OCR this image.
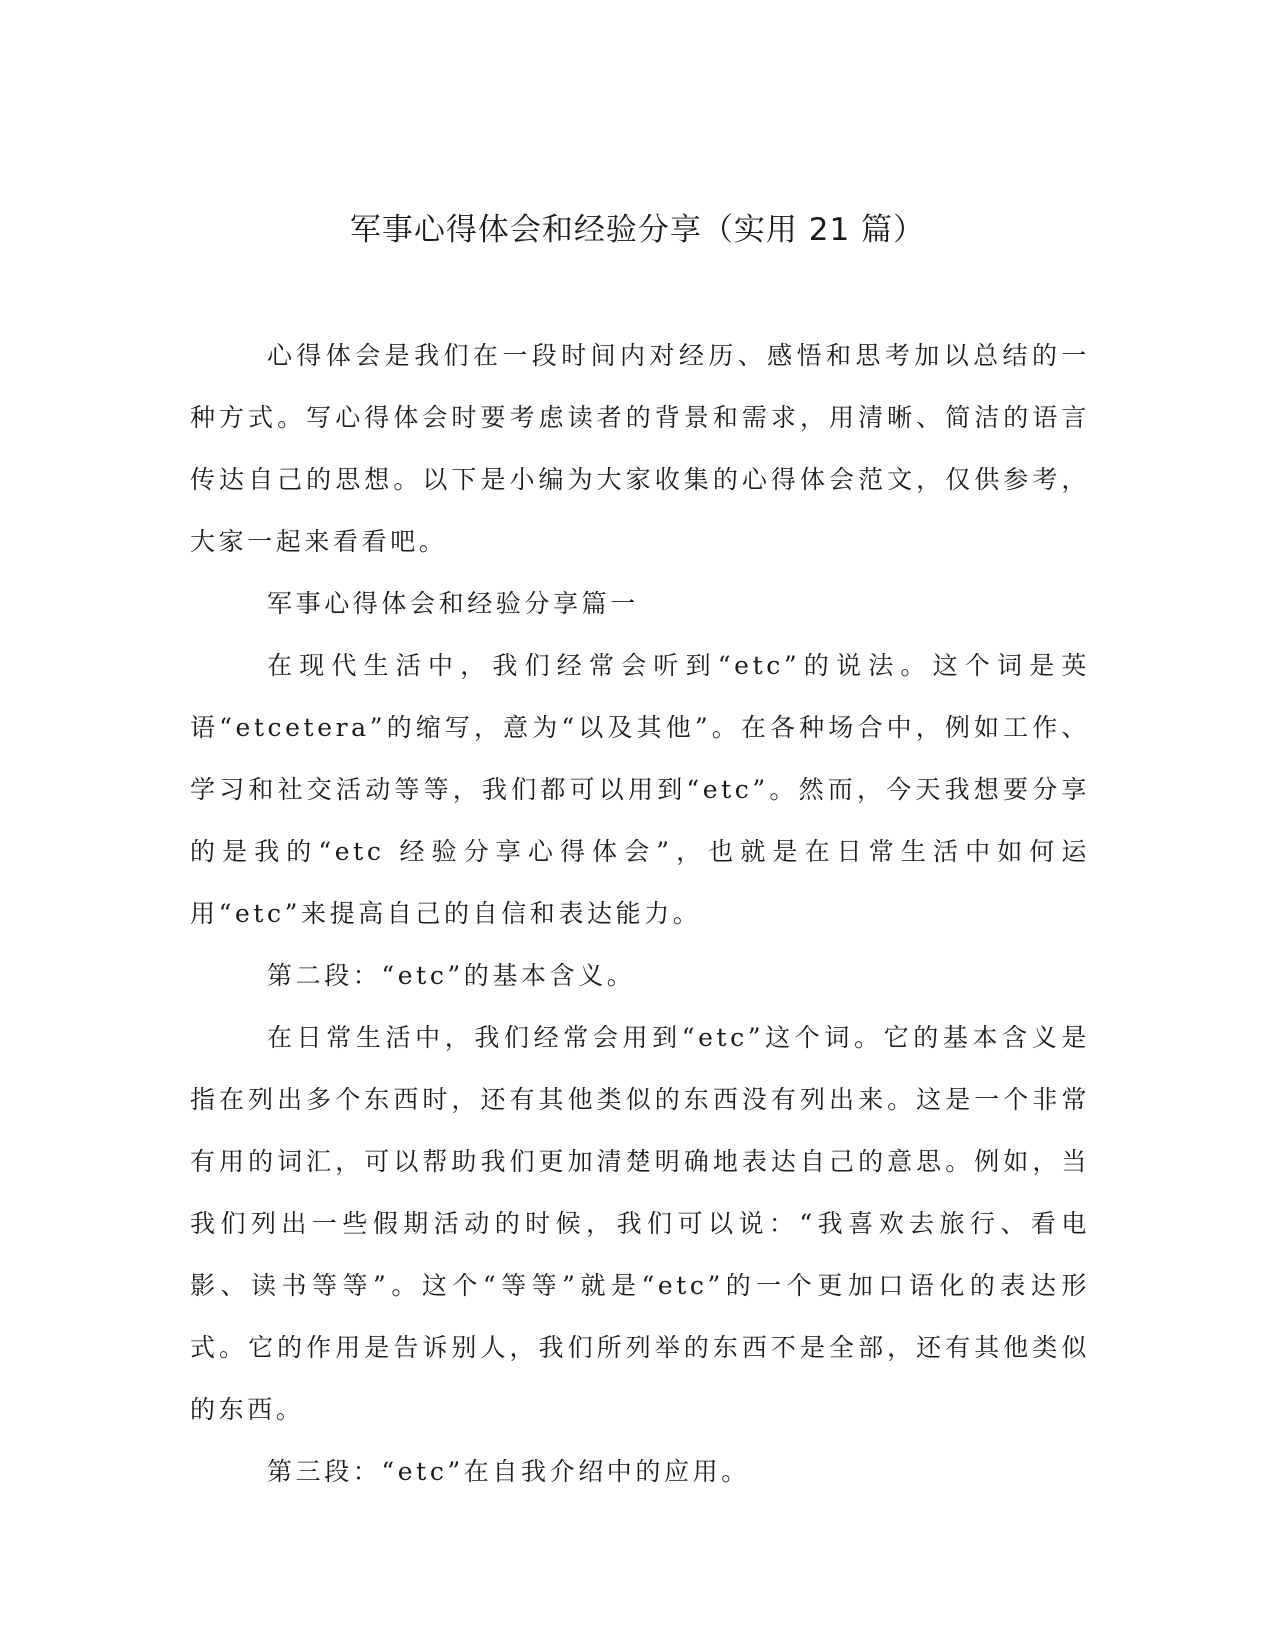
军事心得体会和经验分享（实用 21 篇）

心得体会是我们在一段时间内对经历、感悟和思考加以总结的一种方式。写心得体会时要考虑读者的背景和需求，用清晰、简洁的语言传达自己的思想。以下是小编为大家收集的心得体会范文，仅供参考，大家一起来看看吧。

军事心得体会和经验分享篇一

在现代生活中，我们经常会听到“etc”的说法。这个词是英语“etcetera”的缩写，意为“以及其他”。在各种场合中，例如工作、学习和社交活动等等，我们都可以用到“etc”。然而，今天我想要分享的是我的“etc 经验分享心得体会”，也就是在日常生活中如何运用“etc”来提高自己的自信和表达能力。

第二段：“etc”的基本含义。

在日常生活中，我们经常会用到“etc”这个词。它的基本含义是指在列出多个东西时，还有其他类似的东西没有列出来。这是一个非常有用的词汇，可以帮助我们更加清楚明确地表达自己的意思。例如，当我们列出一些假期活动的时候，我们可以说：“我喜欢去旅行、看电影、读书等等”。这个“等等”就是“etc”的一个更加口语化的表达形式。它的作用是告诉别人，我们所列举的东西不是全部，还有其他类似的东西。

第三段：“etc”在自我介绍中的应用。
